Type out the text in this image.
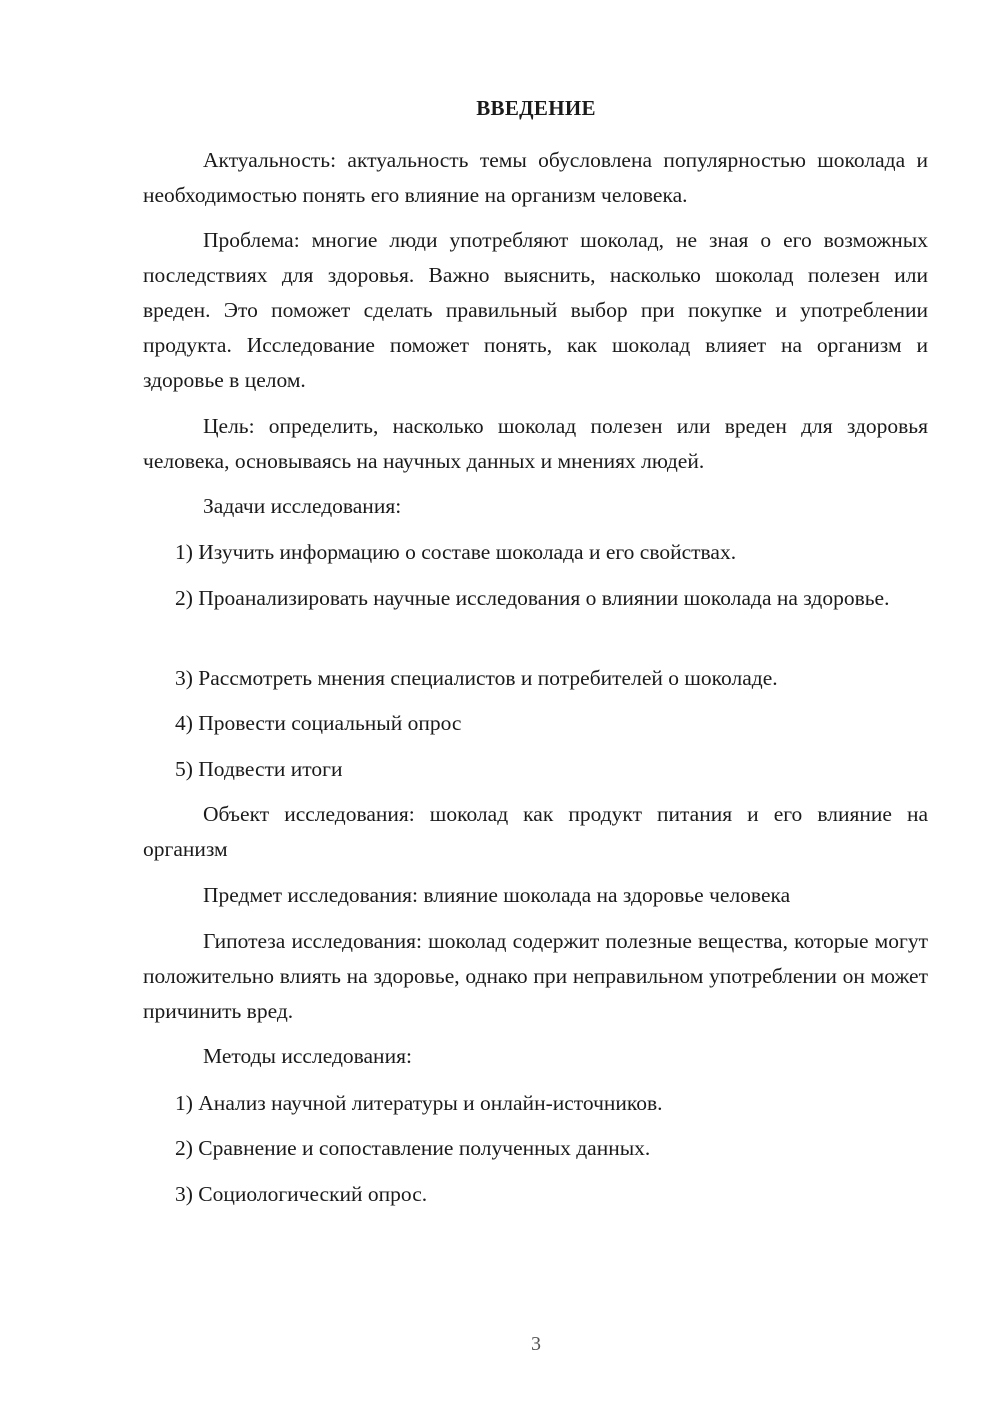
ВВЕДЕНИЕ
Актуальность: актуальность темы обусловлена популярностью шоколада и необходимостью понять его влияние на организм человека.
Проблема: многие люди употребляют шоколад, не зная о его возможных последствиях для здоровья. Важно выяснить, насколько шоколад полезен или вреден. Это поможет сделать правильный выбор при покупке и употреблении продукта. Исследование поможет понять, как шоколад влияет на организм и здоровье в целом.
Цель: определить, насколько шоколад полезен или вреден для здоровья человека, основываясь на научных данных и мнениях людей.
Задачи исследования:
1) Изучить информацию о составе шоколада и его свойствах.
2) Проанализировать научные исследования о влиянии шоколада на здоровье.
3) Рассмотреть мнения специалистов и потребителей о шоколаде.
4) Провести социальный опрос
5) Подвести итоги
Объект исследования: шоколад как продукт питания и его влияние на организм
Предмет исследования: влияние шоколада на здоровье человека
Гипотеза исследования: шоколад содержит полезные вещества, которые могут положительно влиять на здоровье, однако при неправильном употреблении он может причинить вред.
Методы исследования:
1) Анализ научной литературы и онлайн-источников.
2) Сравнение и сопоставление полученных данных.
3) Социологический опрос.
3
